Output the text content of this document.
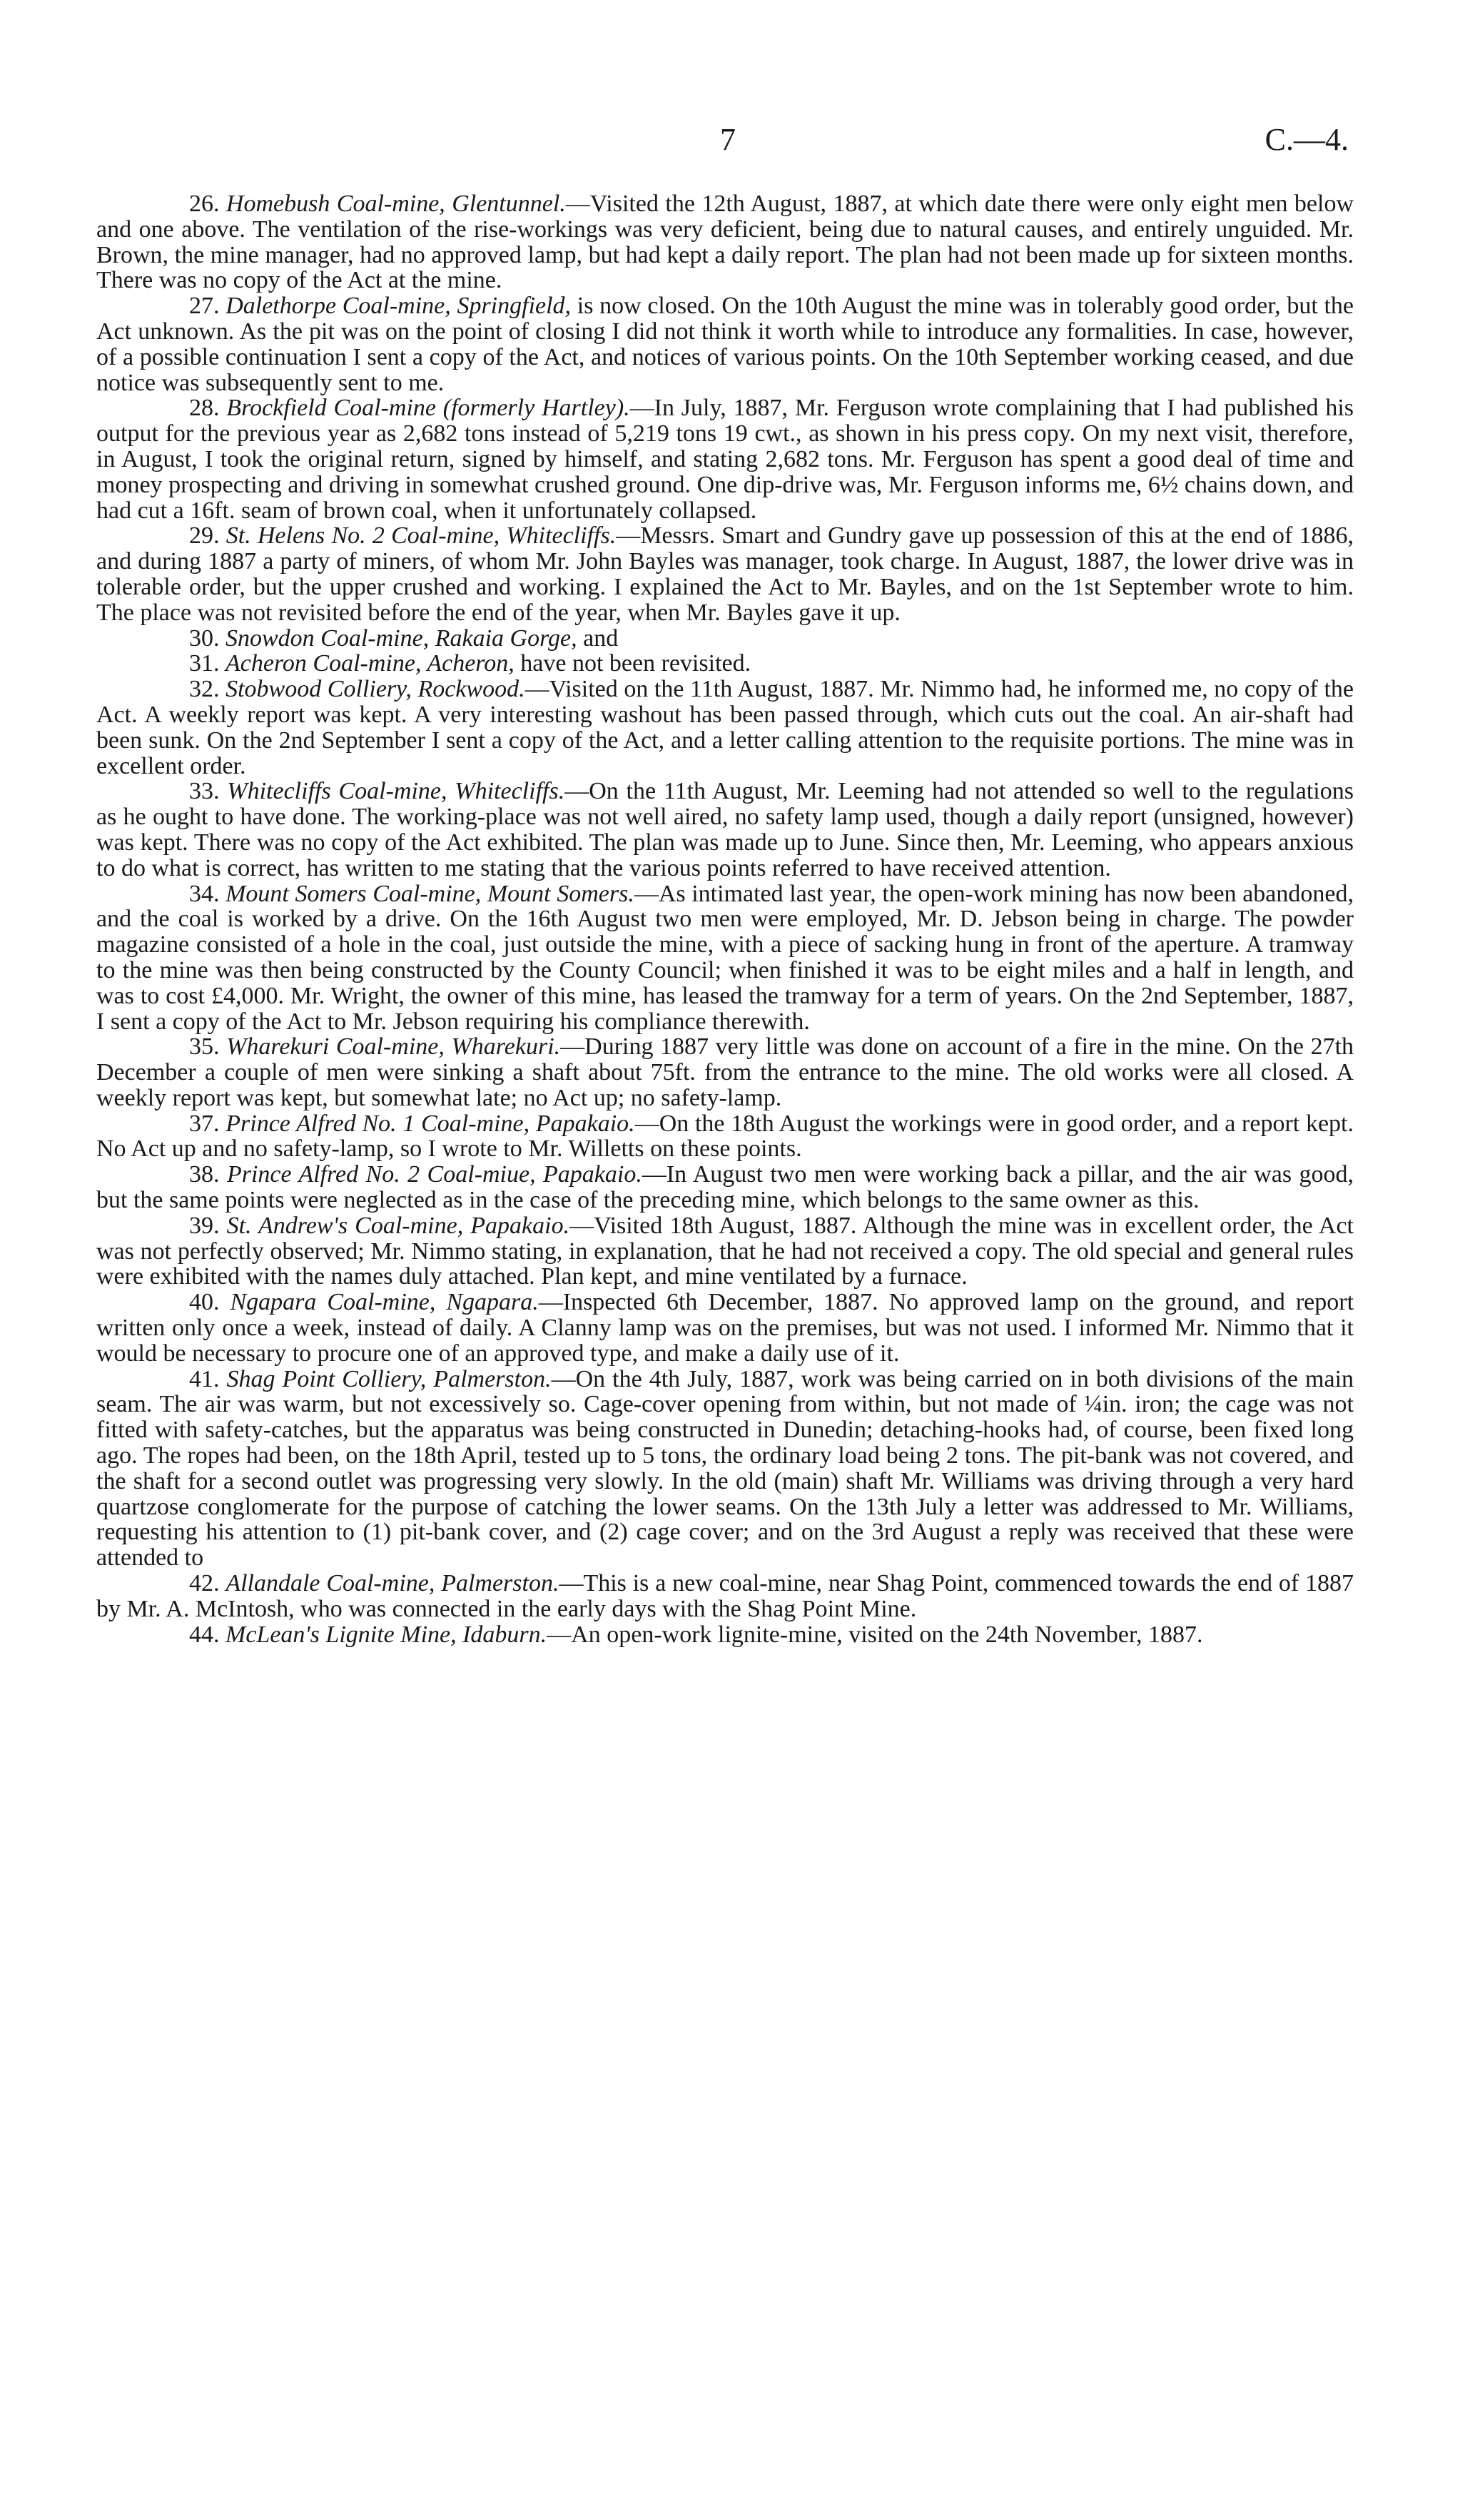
7	C.—4.

26. Homebush Coal-mine, Glentunnel.—Visited the 12th August, 1887, at which date there were only eight men below and one above. The ventilation of the rise-workings was very deficient, being due to natural causes, and entirely unguided. Mr. Brown, the mine manager, had no approved lamp, but had kept a daily report. The plan had not been made up for sixteen months. There was no copy of the Act at the mine.

27. Dalethorpe Coal-mine, Springfield, is now closed. On the 10th August the mine was in tolerably good order, but the Act unknown. As the pit was on the point of closing I did not think it worth while to introduce any formalities. In case, however, of a possible continuation I sent a copy of the Act, and notices of various points. On the 10th September working ceased, and due notice was subsequently sent to me.

28. Brockfield Coal-mine (formerly Hartley).—In July, 1887, Mr. Ferguson wrote complaining that I had published his output for the previous year as 2,682 tons instead of 5,219 tons 19 cwt., as shown in his press copy. On my next visit, therefore, in August, I took the original return, signed by himself, and stating 2,682 tons. Mr. Ferguson has spent a good deal of time and money prospecting and driving in somewhat crushed ground. One dip-drive was, Mr. Ferguson informs me, 6½ chains down, and had cut a 16ft. seam of brown coal, when it unfortunately collapsed.

29. St. Helens No. 2 Coal-mine, Whitecliffs.—Messrs. Smart and Gundry gave up possession of this at the end of 1886, and during 1887 a party of miners, of whom Mr. John Bayles was manager, took charge. In August, 1887, the lower drive was in tolerable order, but the upper crushed and working. I explained the Act to Mr. Bayles, and on the 1st September wrote to him. The place was not revisited before the end of the year, when Mr. Bayles gave it up.

30. Snowdon Coal-mine, Rakaia Gorge, and

31. Acheron Coal-mine, Acheron, have not been revisited.

32. Stobwood Colliery, Rockwood.—Visited on the 11th August, 1887. Mr. Nimmo had, he informed me, no copy of the Act. A weekly report was kept. A very interesting washout has been passed through, which cuts out the coal. An air-shaft had been sunk. On the 2nd September I sent a copy of the Act, and a letter calling attention to the requisite portions. The mine was in excellent order.

33. Whitecliffs Coal-mine, Whitecliffs.—On the 11th August, Mr. Leeming had not attended so well to the regulations as he ought to have done. The working-place was not well aired, no safety lamp used, though a daily report (unsigned, however) was kept. There was no copy of the Act exhibited. The plan was made up to June. Since then, Mr. Leeming, who appears anxious to do what is correct, has written to me stating that the various points referred to have received attention.

34. Mount Somers Coal-mine, Mount Somers.—As intimated last year, the open-work mining has now been abandoned, and the coal is worked by a drive. On the 16th August two men were employed, Mr. D. Jebson being in charge. The powder magazine consisted of a hole in the coal, just outside the mine, with a piece of sacking hung in front of the aperture. A tramway to the mine was then being constructed by the County Council; when finished it was to be eight miles and a half in length, and was to cost £4,000. Mr. Wright, the owner of this mine, has leased the tramway for a term of years. On the 2nd September, 1887, I sent a copy of the Act to Mr. Jebson requiring his compliance therewith.

35. Wharekuri Coal-mine, Wharekuri.—During 1887 very little was done on account of a fire in the mine. On the 27th December a couple of men were sinking a shaft about 75ft. from the entrance to the mine. The old works were all closed. A weekly report was kept, but somewhat late; no Act up; no safety-lamp.

37. Prince Alfred No. 1 Coal-mine, Papakaio.—On the 18th August the workings were in good order, and a report kept. No Act up and no safety-lamp, so I wrote to Mr. Willetts on these points.

38. Prince Alfred No. 2 Coal-miue, Papakaio.—In August two men were working back a pillar, and the air was good, but the same points were neglected as in the case of the preceding mine, which belongs to the same owner as this.

39. St. Andrew's Coal-mine, Papakaio.—Visited 18th August, 1887. Although the mine was in excellent order, the Act was not perfectly observed; Mr. Nimmo stating, in explanation, that he had not received a copy. The old special and general rules were exhibited with the names duly attached. Plan kept, and mine ventilated by a furnace.

40. Ngapara Coal-mine, Ngapara.—Inspected 6th December, 1887. No approved lamp on the ground, and report written only once a week, instead of daily. A Clanny lamp was on the premises, but was not used. I informed Mr. Nimmo that it would be necessary to procure one of an approved type, and make a daily use of it.

41. Shag Point Colliery, Palmerston.—On the 4th July, 1887, work was being carried on in both divisions of the main seam. The air was warm, but not excessively so. Cage-cover opening from within, but not made of ¼in. iron; the cage was not fitted with safety-catches, but the apparatus was being constructed in Dunedin; detaching-hooks had, of course, been fixed long ago. The ropes had been, on the 18th April, tested up to 5 tons, the ordinary load being 2 tons. The pit-bank was not covered, and the shaft for a second outlet was progressing very slowly. In the old (main) shaft Mr. Williams was driving through a very hard quartzose conglomerate for the purpose of catching the lower seams. On the 13th July a letter was addressed to Mr. Williams, requesting his attention to (1) pit-bank cover, and (2) cage cover; and on the 3rd August a reply was received that these were attended to

42. Allandale Coal-mine, Palmerston.—This is a new coal-mine, near Shag Point, commenced towards the end of 1887 by Mr. A. McIntosh, who was connected in the early days with the Shag Point Mine.

44. McLean's Lignite Mine, Idaburn.—An open-work lignite-mine, visited on the 24th November, 1887.
